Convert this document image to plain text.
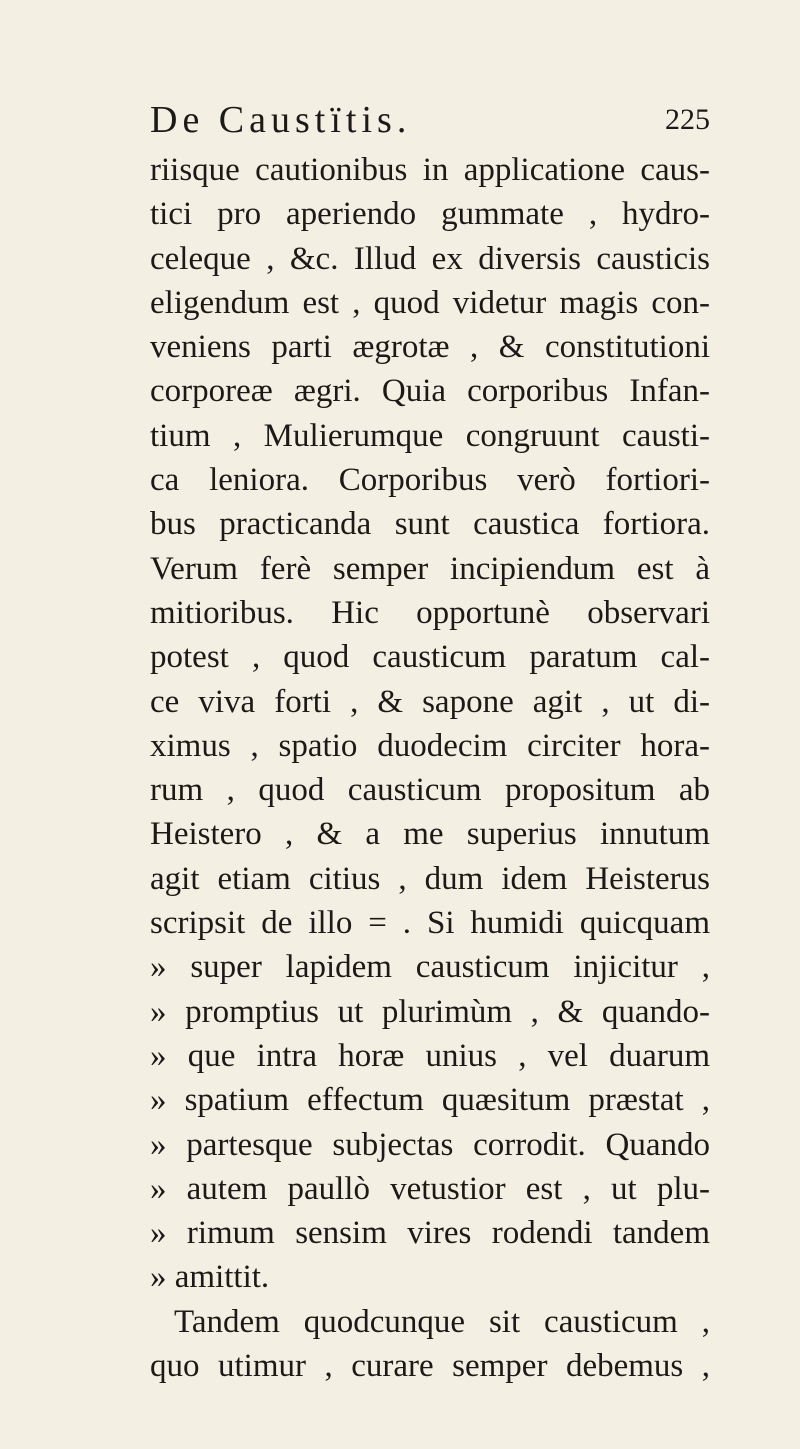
De Caustïtis.	225
riisque cautionibus in applicatione caus-
tici pro aperiendo gummate , hydro-
celeque , &c. Illud ex diversis causticis
eligendum est , quod videtur magis con-
veniens parti ægrotæ , & constitutioni
corporeæ ægri. Quia corporibus Infan-
tium , Mulierumque congruunt causti-
ca leniora. Corporibus verò fortiori-
bus practicanda sunt caustica fortiora.
Verum ferè semper incipiendum est à
mitioribus. Hic opportunè observari
potest , quod causticum paratum cal-
ce viva forti , & sapone agit , ut di-
ximus , spatio duodecim circiter hora-
rum , quod causticum propositum ab
Heistero , & a me superius innutum
agit etiam citius , dum idem Heisterus
scripsit de illo = . Si humidi quicquam
» super lapidem causticum injicitur ,
» promptius ut plurimùm , & quando-
» que intra horæ unius , vel duarum
» spatium effectum quæsitum præstat ,
» partesque subjectas corrodit. Quando
» autem paullò vetustior est , ut plu-
» rimum sensim vires rodendi tandem
» amittit.
Tandem quodcunque sit causticum ,
quo utimur , curare semper debemus ,
